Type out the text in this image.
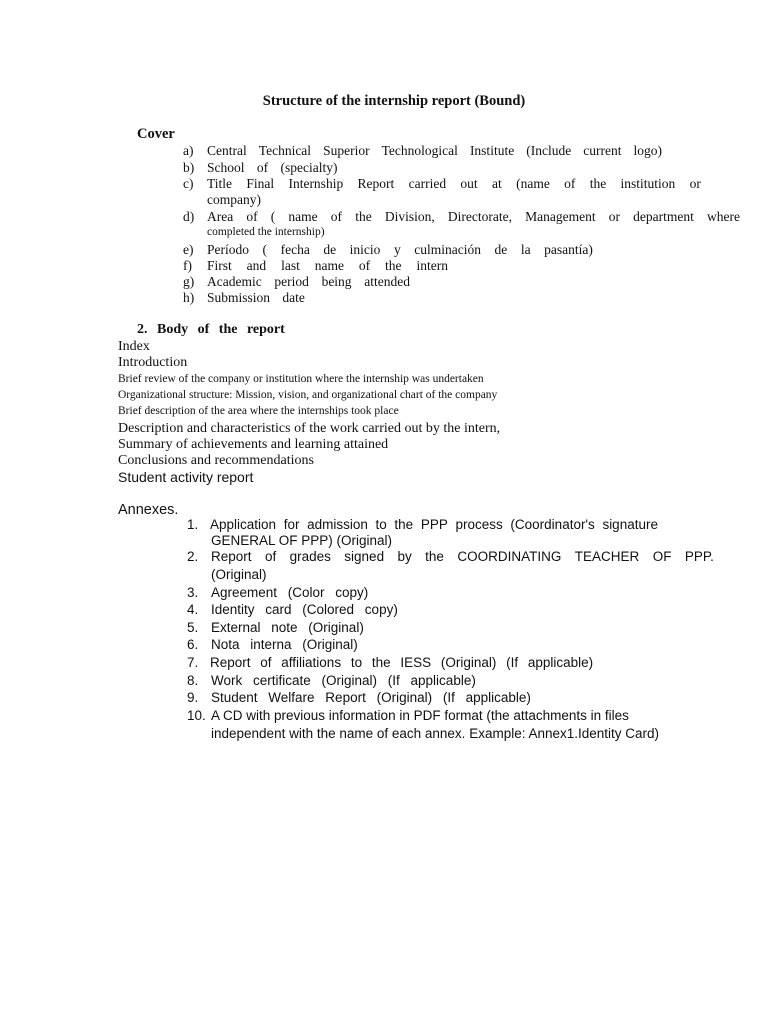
Structure of the internship report (Bound)
Cover
a) Central Technical Superior Technological Institute (Include current logo)
b) School of (specialty)
c) Title Final Internship Report carried out at (name of the institution or
company)
d) Area of ( name of the Division, Directorate, Management or department where
completed the internship)
e) Período ( fecha de inicio y culminación de la pasantía)
f) First and last name of the intern
g) Academic period being attended
h) Submission date
2. Body of the report
Index
Introduction
Brief review of the company or institution where the internship was undertaken
Organizational structure: Mission, vision, and organizational chart of the company
Brief description of the area where the internships took place
Description and characteristics of the work carried out by the intern,
Summary of achievements and learning attained
Conclusions and recommendations
Student activity report
Annexes.
1. Application for admission to the PPP process (Coordinator's signature
GENERAL OF PPP) (Original)
2. Report of grades signed by the COORDINATING TEACHER OF PPP.
(Original)
3. Agreement (Color copy)
4. Identity card (Colored copy)
5. External note (Original)
6. Nota interna (Original)
7. Report of affiliations to the IESS (Original) (If applicable)
8. Work certificate (Original) (If applicable)
9. Student Welfare Report (Original) (If applicable)
10. A CD with previous information in PDF format (the attachments in files
independent with the name of each annex. Example: Annex1.Identity Card)
